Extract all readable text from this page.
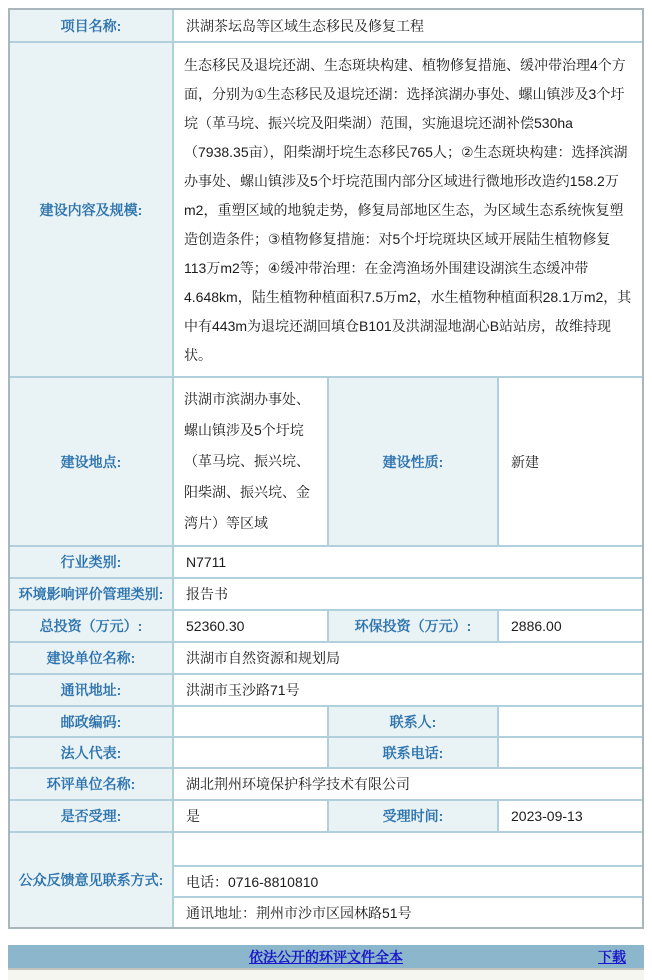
项目名称:	洪湖茶坛岛等区域生态移民及修复工程
建设内容及规模:
生态移民及退垸还湖、生态斑块构建、植物修复措施、缓冲带治理4个方面，分别为①生态移民及退垸还湖：选择滨湖办事处、螺山镇涉及3个圩垸（革马垸、振兴垸及阳柴湖）范围，实施退垸还湖补偿530ha（7938.35亩），阳柴湖圩垸生态移民765人；②生态斑块构建：选择滨湖办事处、螺山镇涉及5个圩垸范围内部分区域进行微地形改造约158.2万m2，重塑区域的地貌走势，修复局部地区生态，为区域生态系统恢复塑造创造条件；③植物修复措施：对5个圩垸斑块区域开展陆生植物修复113万m2等；④缓冲带治理：在金湾渔场外围建设湖滨生态缓冲带4.648km，陆生植物种植面积7.5万m2，水生植物种植面积28.1万m2，其中有443m为退垸还湖回填仓B101及洪湖湿地湖心B站站房，故维持现状。
建设地点:
洪湖市滨湖办事处、螺山镇涉及5个圩垸（革马垸、振兴垸、阳柴湖、振兴垸、金湾片）等区域
建设性质:	新建
行业类别:	N7711
环境影响评价管理类别:	报告书
总投资（万元）:	52360.30	环保投资（万元）:	2886.00
建设单位名称:	洪湖市自然资源和规划局
通讯地址:	洪湖市玉沙路71号
邮政编码:	联系人:
法人代表:	联系电话:
环评单位名称:	湖北荆州环境保护科学技术有限公司
是否受理:	是	受理时间:	2023-09-13
公众反馈意见联系方式:	电话：0716-8810810
通讯地址：荆州市沙市区园林路51号
依法公开的环评文件全本	下载
